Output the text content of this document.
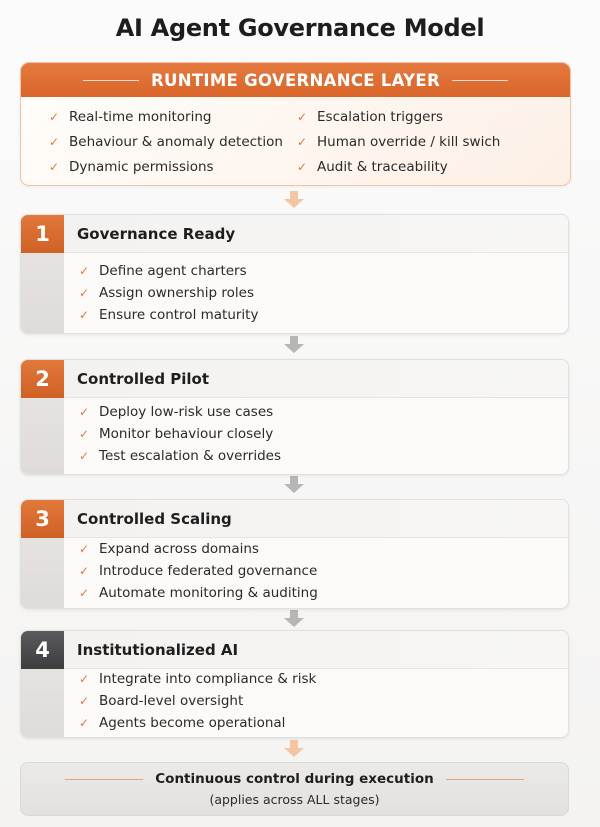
AI Agent Governance Model
RUNTIME GOVERNANCE LAYER
✓ Real-time monitoring	✓ Escalation triggers
✓ Behaviour & anomaly detection ✓ Human override / kill swich
✓ Dynamic permissions	✓ Audit & traceability
1	Governance Ready
✓ Define agent charters
✓ Assign ownership roles
✓ Ensure control maturity
2	Controlled Pilot
✓ Deploy low-risk use cases
✓ Monitor behaviour closely
✓ Test escalation & overrides
3	Controlled Scaling
✓ Expand across domains
✓ Introduce federated governance
✓ Automate monitoring & auditing
4	Institutionalized AI
✓ Integrate into compliance & risk
✓ Board-level oversight
✓ Agents become operational
Continuous control during execution
(applies across ALL stages)
